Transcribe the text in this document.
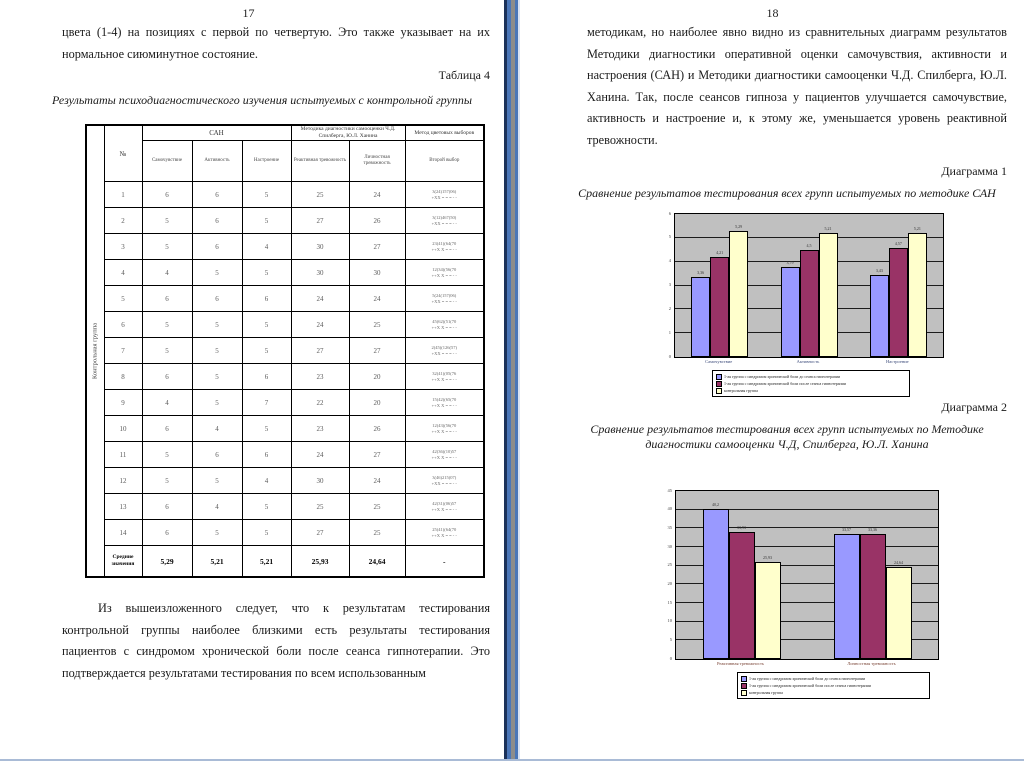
17

цвета (1-4) на позициях с первой по четвертую. Это также указывает на их нормальное сиюминутное состояние.

Таблица 4

Результаты психодиагностического изучения испытуемых с контрольной группы

Контрольная группа	№	САН			Методика диагностики самооценки Ч.Д. Спилберга, Ю.Л. Ханина		Метод цветовых выборов
		Самочувствие	Активность	Настроение	Реактивная тревожность	Личностная тревожность	Второй выбор
	1	6	6	5	25	24	3(24)157(06)
+XX = = = - -

	2	5	6	5	27	26	3(12)467(50)
+XX = = = - -

	3	5	6	4	30	27	23(41)(64(70
++X X = = - -

	4	4	5	5	30	30	12(34)(56(70
++X X = = - -

	5	6	6	6	24	24	5(24(157(06)
+XX = = = - -

	6	5	5	5	24	25	45(62)(51(70
++X X = = - -

	7	5	5	5	27	27	2(45)(126(57)
+XX = = = - -

	8	6	5	6	23	20	32(41)(05(76
++X X = = - -

	9	4	5	7	22	20	15(42)(65(70
++X X = = - -

	10	6	4	5	23	26	12(43)(56(70
++X X = = - -

	11	5	6	6	24	27	42(36)(10)57
++X X = = - -

	12	5	5	4	30	24	3(46)215(07)
+XX = = = - -

	13	6	4	5	25	25	42(31)(06)57
++X X = = - -

	14	6	5	5	27	25	25(41)(64(70
++X X = = - -

	Средние значения	5,29	5,21	5,21	25,93	24,64	-

Из вышеизложенного следует, что к результатам тестирования контрольной группы наиболее близкими есть результаты тестирования пациентов с синдромом хронической боли после сеанса гипнотерапии. Это подтверждается результатами тестирования по всем использованным

18

методикам, но наиболее явно видно из сравнительных диаграмм результатов Методики диагностики оперативной оценки самочувствия, активности и настроения (САН) и Методики диагностики самооценки Ч.Д. Спилберга, Ю.Л. Ханина. Так, после сеансов гипноза у пациентов улучшается самочувствие, активность и настроение и, к этому же, уменьшается уровень реактивной тревожности.

Диаграмма 1

Сравнение результатов тестирования всех групп испытуемых по методике САН

3,36
4,21
5,29
3,79
4,5
5,21
3,43
4,57
5,21
0
1
2
3
4
5
6
Самочувствие	Активность	Настроение
1-ая группа с синдромом хронической боли до сеанса гипнотерапии
1-ая группа с синдромом хронической боли после сеанса гипнотерапии
контрольная группа

Диаграмма 2

Сравнение результатов тестирования всех групп испытуемых по Методике диагностики самооценки Ч.Д, Спилберга, Ю.Л. Ханина

40,2
33,93
25,93
33,57	33,36
24,64
0
5
10
15
20
25
30
35
40
45
Реактивная тревожность	Личностная тревожность
1-ая группа с синдромом хронической боли до сеанса гипнотерапии
1-ая группа с синдромом хронической боли после сеанса гипнотерапии
контрольная группа
